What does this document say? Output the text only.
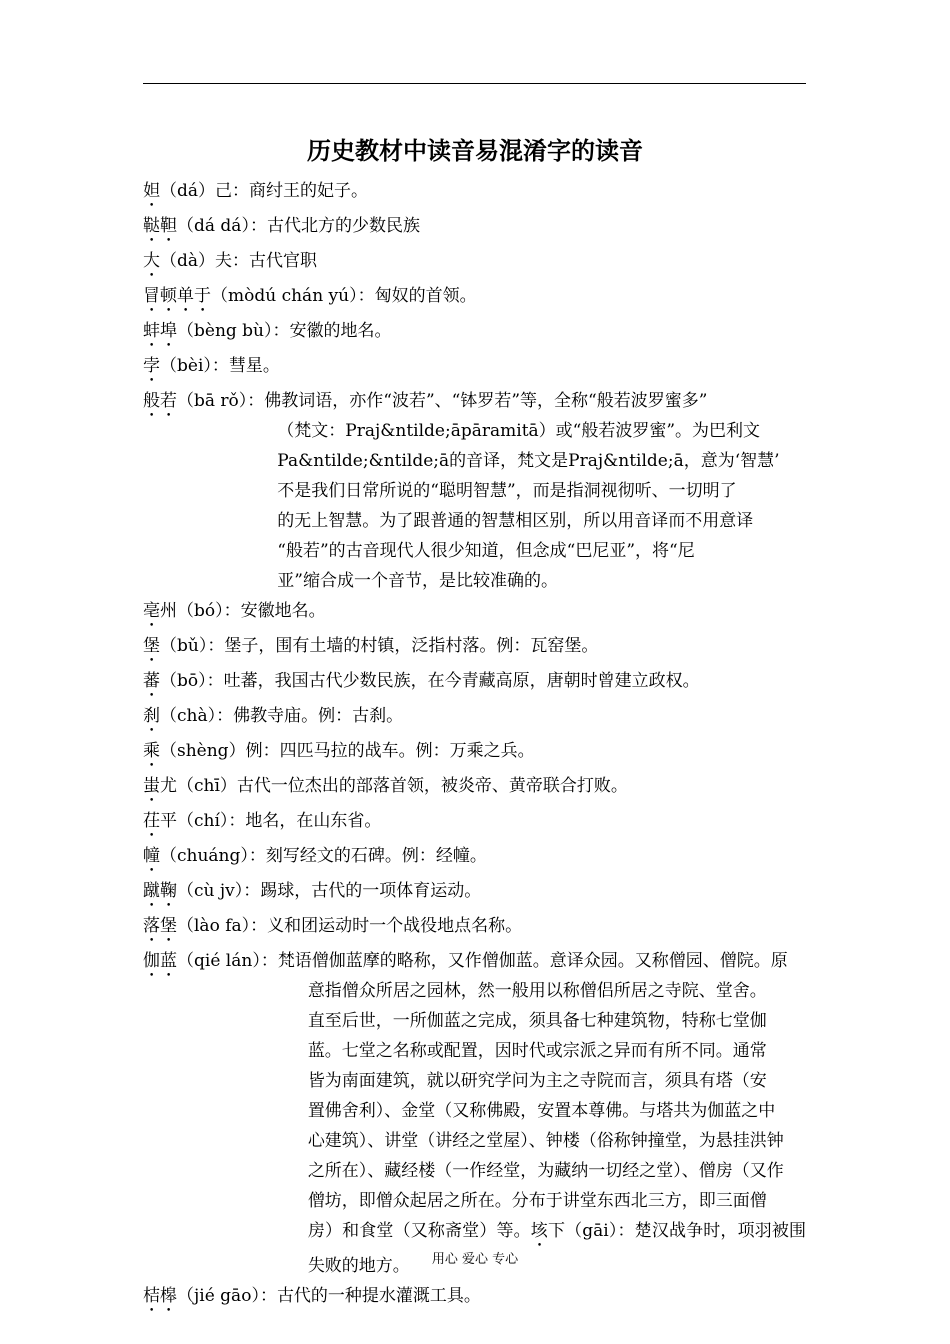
历史教材中读音易混淆字的读音
妲（dá）己：商纣王的妃子。
鞑靼（dá dá）：古代北方的少数民族
大（dà）夫：古代官职
冒顿单于（mòdú chán yú）：匈奴的首领。
蚌埠（bèng bù）：安徽的地名。
孛（bèi）：彗星。
般若（bā rǒ）： 佛教词语，亦作“波若”、“钵罗若”等，全称“般若波罗蜜多”
（梵文：Praj&ntilde;āpāramitā）或“般若波罗蜜”。为巴利文
Pa&ntilde;&ntilde;ā的音译，梵文是Praj&ntilde;ā，意为‘智慧’
不是我们日常所说的“聪明智慧”，而是指洞视彻听、一切明了
的无上智慧。为了跟普通的智慧相区别，所以用音译而不用意译
“般若”的古音现代人很少知道，但念成“巴尼亚”，将“尼
亚”缩合成一个音节，是比较准确的。
亳州（bó）：安徽地名。
堡（bǔ）：堡子，围有土墙的村镇，泛指村落。例：瓦窑堡。
蕃（bō）：吐蕃，我国古代少数民族，在今青藏高原，唐朝时曾建立政权。
刹（chà）：佛教寺庙。例：古刹。
乘（shèng）例：四匹马拉的战车。例：万乘之兵。
蚩尤（chī）古代一位杰出的部落首领，被炎帝、黄帝联合打败。
茌平（chí）：地名，在山东省。
幢（chuáng）：刻写经文的石碑。例：经幢。
蹴鞠（cù jv）：踢球，古代的一项体育运动。
落堡（lào fa）：义和团运动时一个战役地点名称。
伽蓝（qié lán）： 梵语僧伽蓝摩的略称，又作僧伽蓝。意译众园。又称僧园、僧院。原
意指僧众所居之园林，然一般用以称僧侣所居之寺院、堂舍。
直至后世，一所伽蓝之完成，须具备七种建筑物，特称七堂伽
蓝。七堂之名称或配置，因时代或宗派之异而有所不同。通常
皆为南面建筑，就以研究学问为主之寺院而言，须具有塔（安
置佛舍利）、金堂（又称佛殿，安置本尊佛。与塔共为伽蓝之中
心建筑）、讲堂（讲经之堂屋）、钟楼（俗称钟撞堂，为悬挂洪钟
之所在）、藏经楼（一作经堂，为藏纳一切经之堂）、僧房（又作
僧坊，即僧众起居之所在。分布于讲堂东西北三方，即三面僧
房）和食堂（又称斋堂）等。垓下（gāi）：楚汉战争时，项羽被围失败的地方。
桔槔（jié gāo）：古代的一种提水灌溉工具。
用心 爱心 专心
